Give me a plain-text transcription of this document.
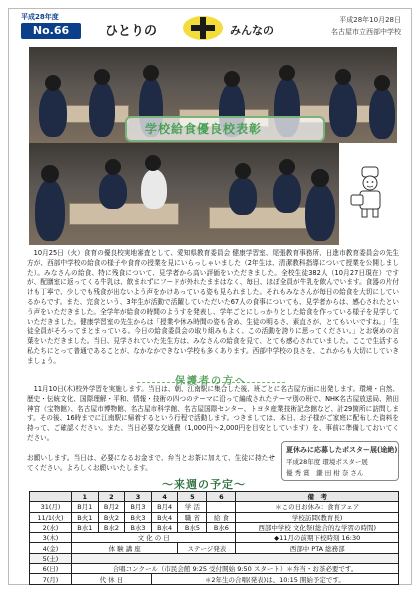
平成28年度
No.66	ひとりの	みんなの
平成28年10月28日
名古屋市立西部中学校
学校給食優良校表彰
　10月25日（火）食育の優良校実地審査として、愛知県教育委員会 健康学習室、尾張教育事務所、日進市教育委員会の先生方が、西部中学校の給食の様子や食育の授業を見にいらっしゃいました（2年生は、清潔教科指導について授業を公開しました）。みなさんの給食、特に残食について、見学者から高い評価をいただきました。全校生徒382人（10月27日現在）ですが、配膳室に返ってくる牛乳は、飲まれずにフードが外れたままはなく、毎日、ほぼ全員が牛乳を飲んでいます。食器の片付けも丁寧で、少しでも残食が出ないよう声をかけあっている姿も見られました。それもみなさんが毎日の給食を大切にしているからです。また、完食という、3年生が活動で活躍していただいた67人の食事についても、見学者からは、感心されたという声をいただきました。全学年が給食の時間のようすを発表し、学年ごとにしっかりとした給食を作っている様子を見学していただきました。健康学習室の先生からは「授業や休み時間の姿も含め、生徒の明るさ、素直さが、とてもいいですね。」「生徒全員がそろってまとまっている。今日の給食委員会の取り組みもよく、この活動を誇りに思ってください。」とお褒めの言葉をいただきました。当日、見学されていた先生方は、みなさんの給食を見て、とても感心されていました。ここで生活する私たちにとって普通であることが、なかなかできない学校も多くあります。西部中学校の良さを、これからも大切にしていきましょう。
保護者の方へ
　11月10日(木)校外学習を実施します。当日は、朝、江南駅に集合した後、班ごとに名古屋方面に出発します。環境・自然、歴史・伝統文化、国際理解・平和、情報・技術の四つのテーマに沿って編成されたテーマ別の班で、NHK名古屋放送局、熱田神宮（宝物館）、名古屋市博物館、名古屋市科学館、名古屋国際センター、トヨタ産業技術記念館など、計29箇所に訪問します。その後、16時までに江南駅に帰着するという行程で活動します。つきましては、本日、お子様がご家庭に配布した資料を持って、ご確認ください。また、当日必要な交通費（1,000円～2,000円を目安としています）を、事前に準備しておいてください。
夏休みに応募したポスター展(途絶)
平成28年度 環境ポスター展
優 秀 賞　鎌 田 柑 奈 さん
お願いします。当日は、必要になるお金まで、弁当とお茶に加えて、生徒に持たせてください。よろしくお願いいたします。
～来週の予定～
	1	2	3	4	5	6	備　考
31(月)	B月1	B月2	B月3	B月4	学 活		＊この日お休み：食育フェア
11/1(火)	B火1	B火2	B火3	B火4	職 省	給 食	学校訪問(教育長)
2(水)	B水1	B水2	B水3	B水4	B水5	B水6	西部中学校 文化祭(総合的な学習の時間)
3(木)	文 化 の 日						◆11月の前期下校時刻 16:30
4(金)	体 験 講 座				ステージ発表		西部中 PTA 総務部
5(土)							
6(日)	合唱コンクール（市民会館 9:25 受付開始 9:50 スタート）＊弁当・お茶必要です。						
7(月)	代 休 日			＊2年生の合唱(発表)は、10:15 開始予定です。			
